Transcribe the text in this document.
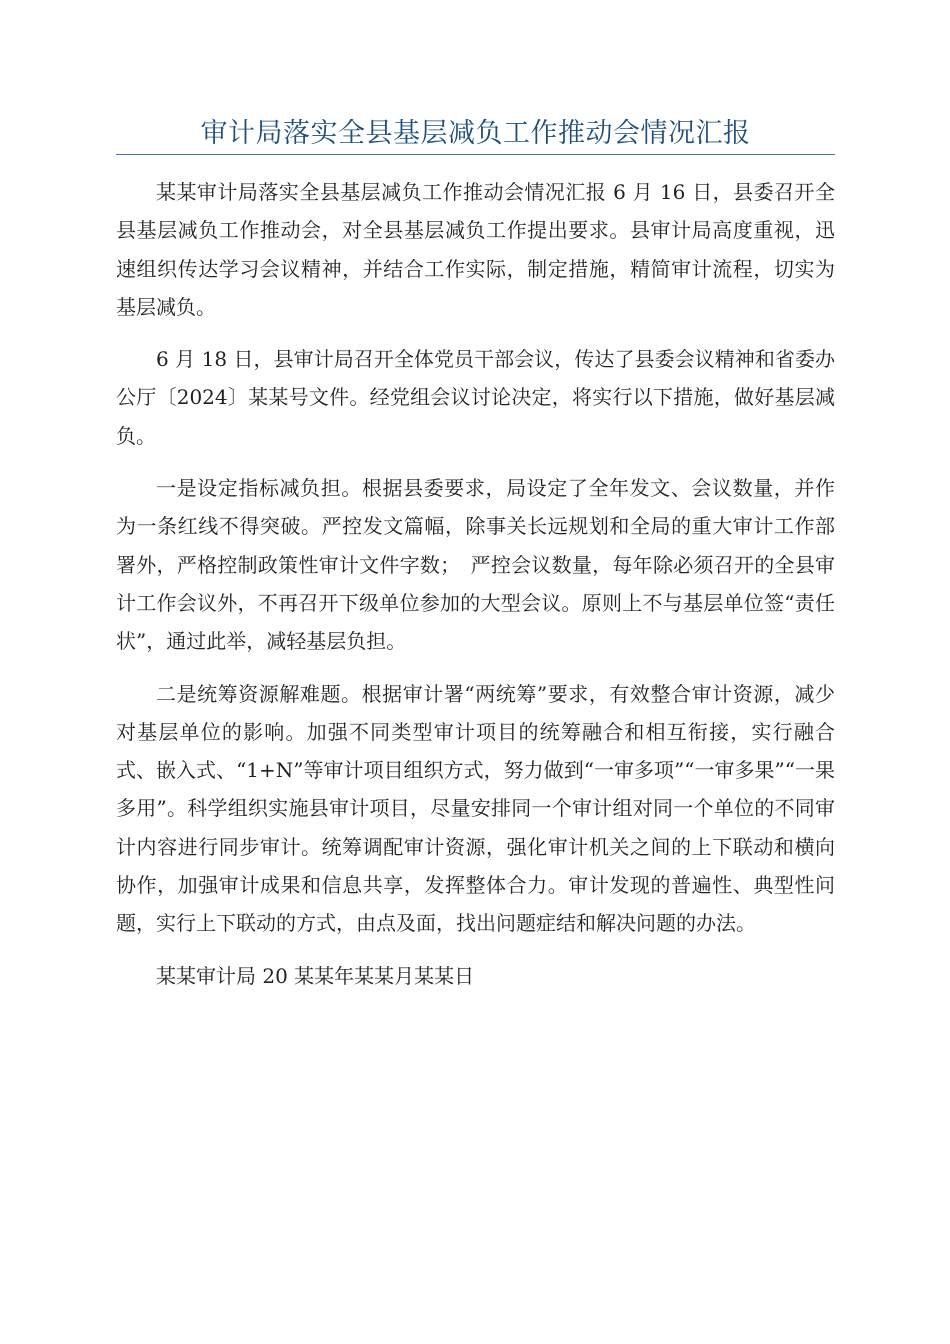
审计局落实全县基层减负工作推动会情况汇报

某某审计局落实全县基层减负工作推动会情况汇报 6 月 16 日，县委召开全县基层减负工作推动会，对全县基层减负工作提出要求。县审计局高度重视，迅速组织传达学习会议精神，并结合工作实际，制定措施，精简审计流程，切实为基层减负。

6 月 18 日，县审计局召开全体党员干部会议，传达了县委会议精神和省委办公厅〔2024〕某某号文件。经党组会议讨论决定，将实行以下措施，做好基层减负。

一是设定指标减负担。根据县委要求，局设定了全年发文、会议数量，并作为一条红线不得突破。严控发文篇幅，除事关长远规划和全局的重大审计工作部署外，严格控制政策性审计文件字数；　严控会议数量，每年除必须召开的全县审计工作会议外，不再召开下级单位参加的大型会议。原则上不与基层单位签“责任状”，通过此举，减轻基层负担。

二是统筹资源解难题。根据审计署“两统筹”要求，有效整合审计资源，减少对基层单位的影响。加强不同类型审计项目的统筹融合和相互衔接，实行融合式、嵌入式、“1+N”等审计项目组织方式，努力做到“一审多项”“一审多果”“一果多用”。科学组织实施县审计项目，尽量安排同一个审计组对同一个单位的不同审计内容进行同步审计。统筹调配审计资源，强化审计机关之间的上下联动和横向协作，加强审计成果和信息共享，发挥整体合力。审计发现的普遍性、典型性问题，实行上下联动的方式，由点及面，找出问题症结和解决问题的办法。

某某审计局 20 某某年某某月某某日
